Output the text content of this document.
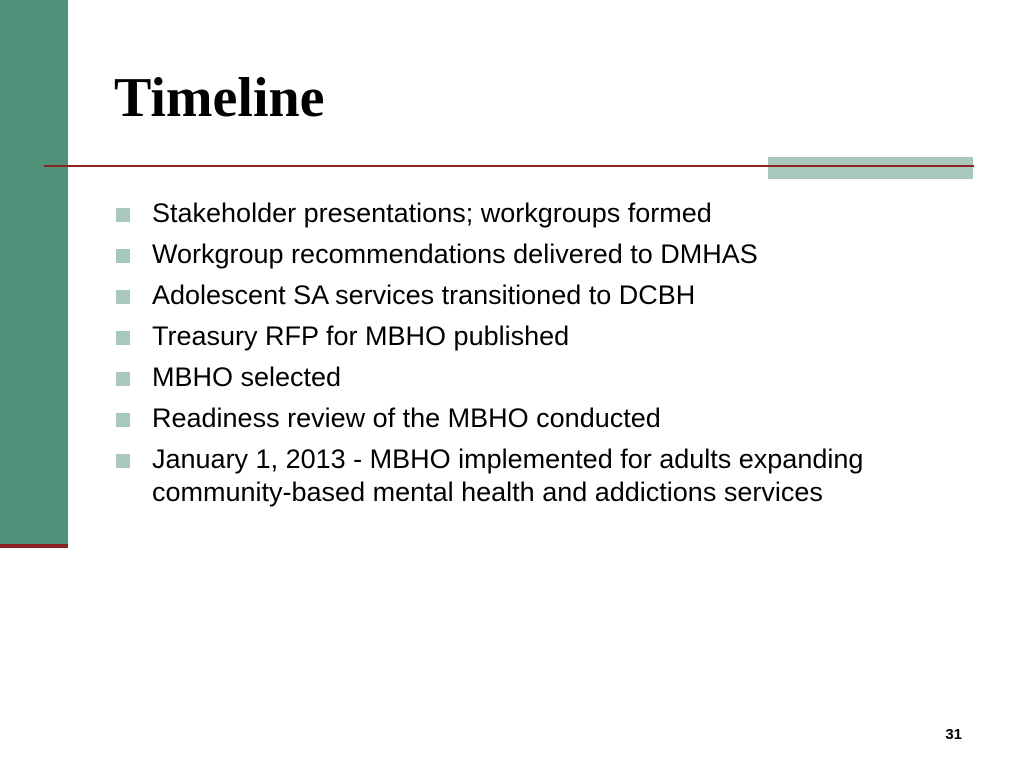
Timeline
Stakeholder presentations; workgroups formed
Workgroup recommendations delivered to DMHAS
Adolescent SA services transitioned to DCBH
Treasury RFP for MBHO published
MBHO selected
Readiness review of the MBHO conducted
January 1, 2013 - MBHO implemented for adults expanding community-based mental health and addictions services
31
